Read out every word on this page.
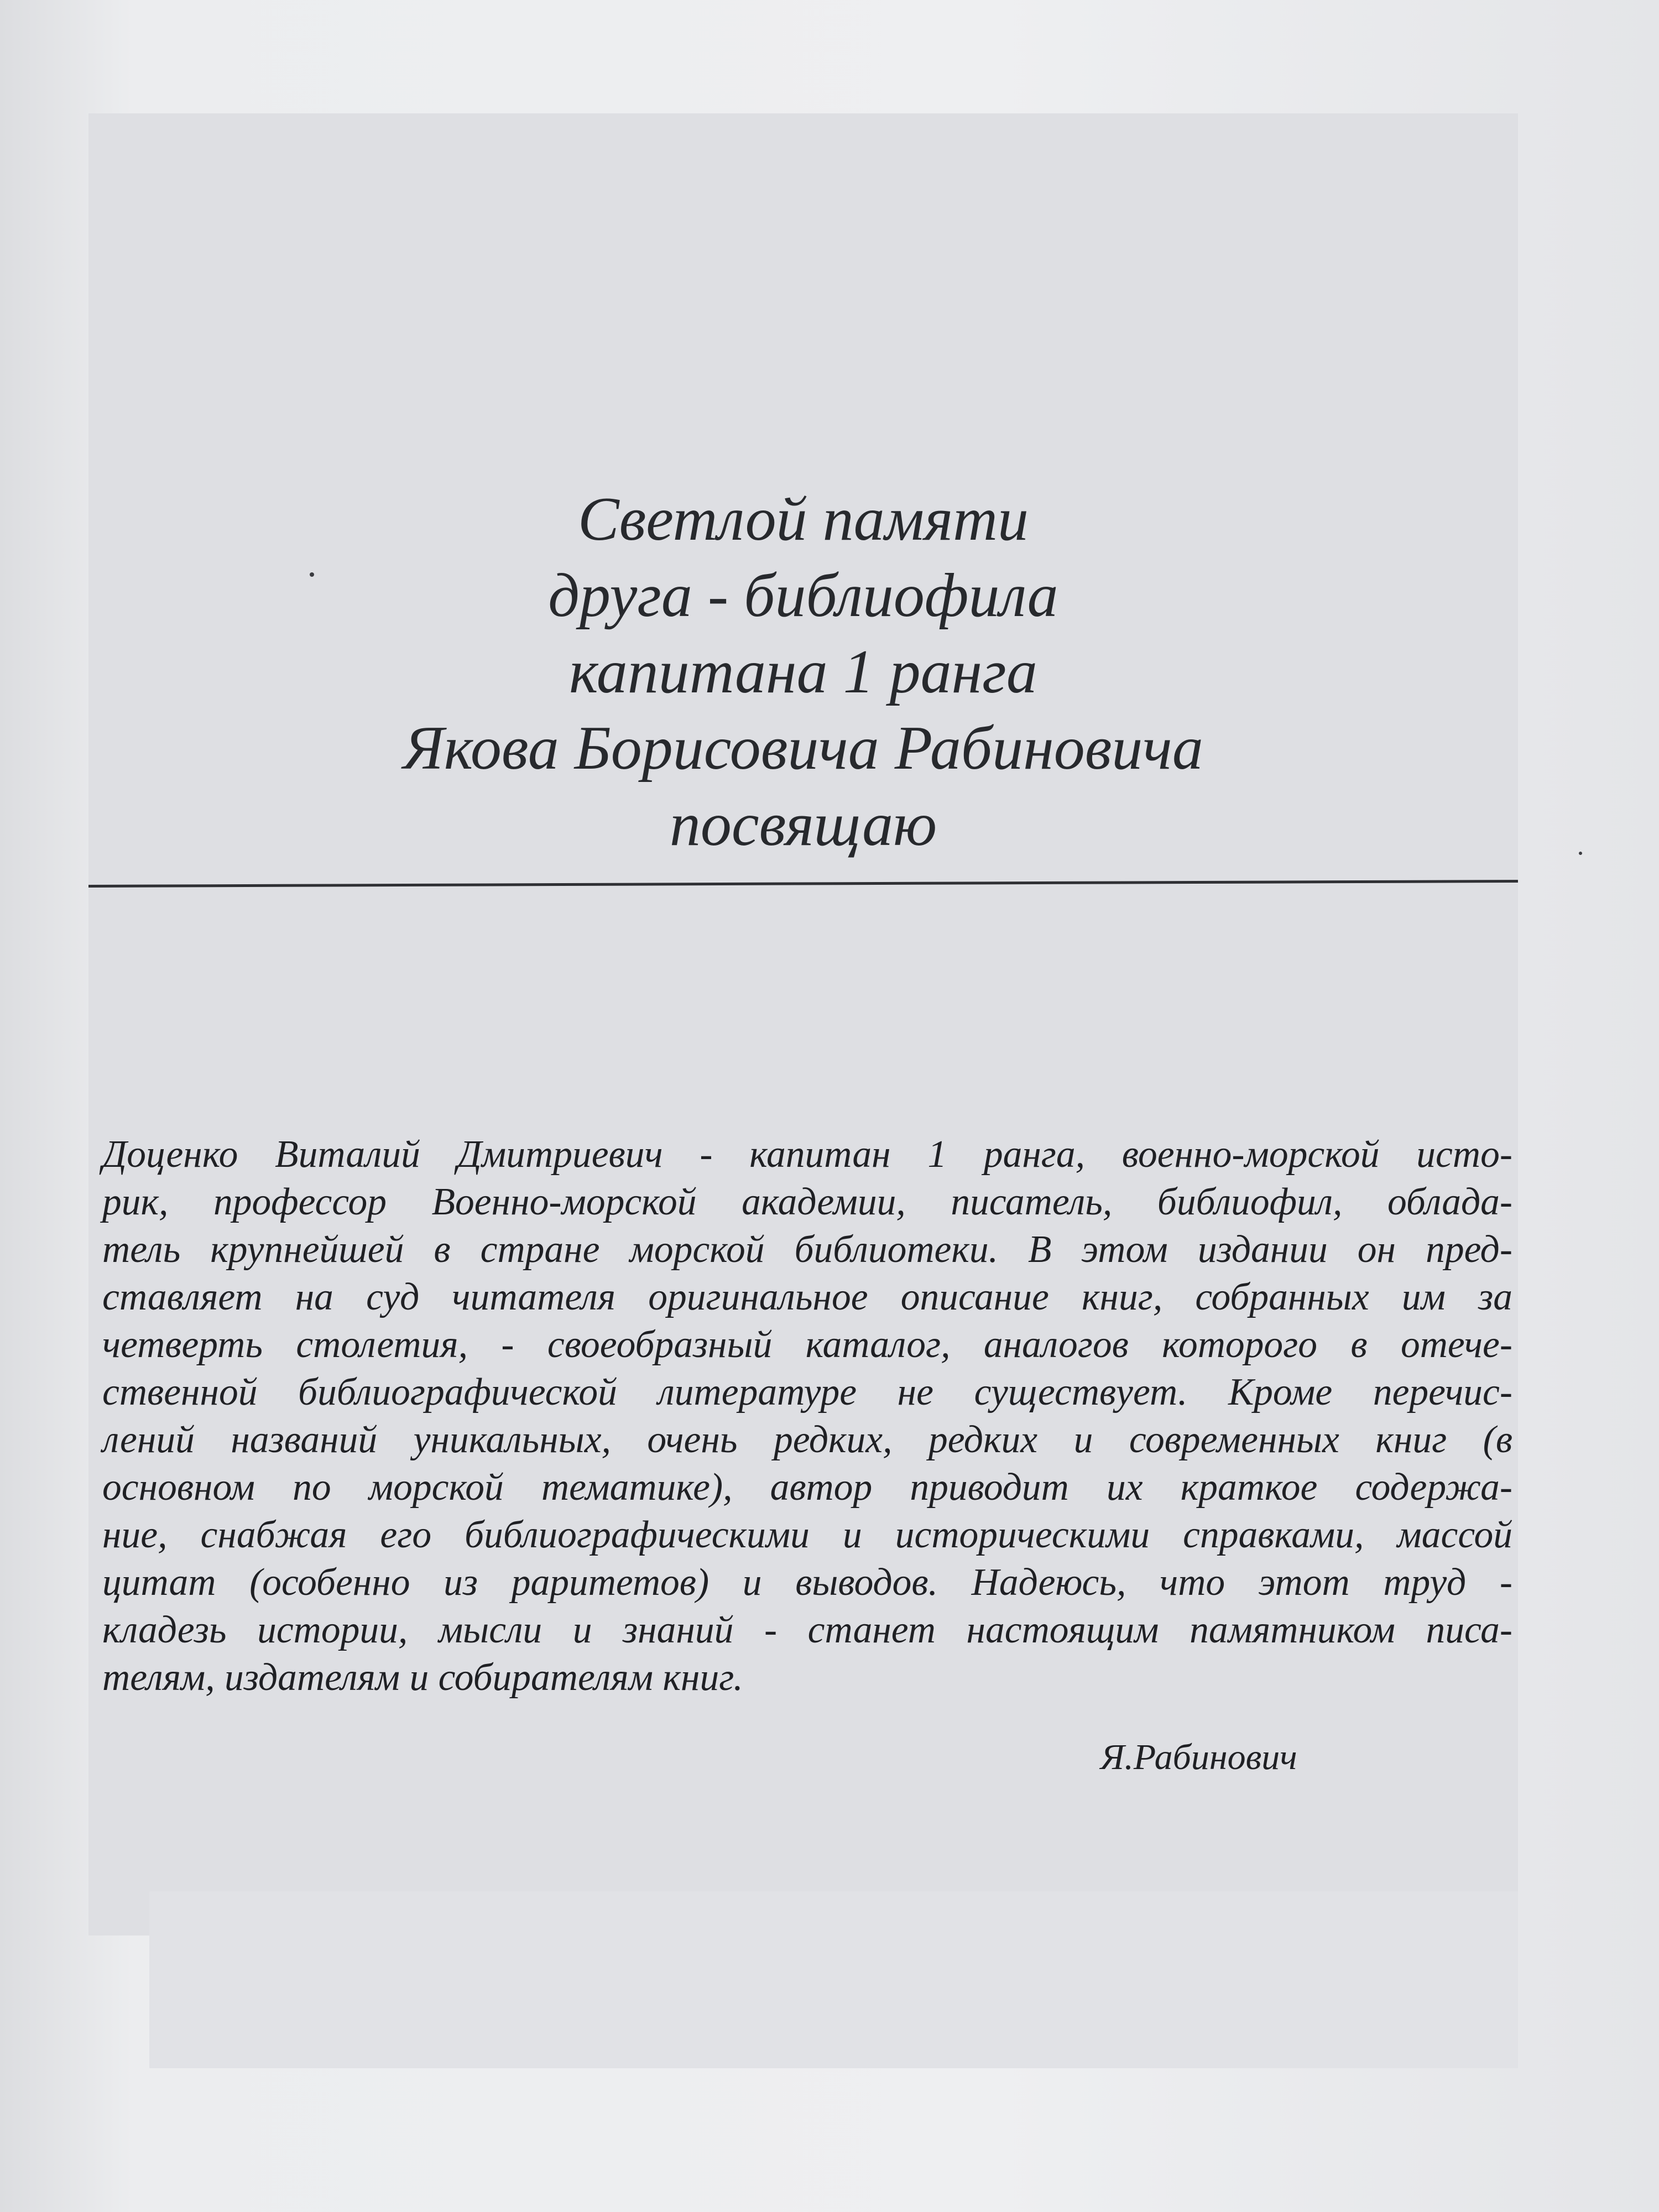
Светлой памяти
друга - библиофила
капитана 1 ранга
Якова Борисовича Рабиновича
посвящаю
Доценко Виталий Дмитриевич - капитан 1 ранга, военно-морской исто-
рик, профессор Военно-морской академии, писатель, библиофил, облада-
тель крупнейшей в стране морской библиотеки. В этом издании он пред-
ставляет на суд читателя оригинальное описание книг, собранных им за
четверть столетия, - своеобразный каталог, аналогов которого в отече-
ственной библиографической литературе не существует. Кроме перечис-
лений названий уникальных, очень редких, редких и современных книг (в
основном по морской тематике), автор приводит их краткое содержа-
ние, снабжая его библиографическими и историческими справками, массой
цитат (особенно из раритетов) и выводов. Надеюсь, что этот труд -
кладезь истории, мысли и знаний - станет настоящим памятником писа-
телям, издателям и собирателям книг.
Я.Рабинович
